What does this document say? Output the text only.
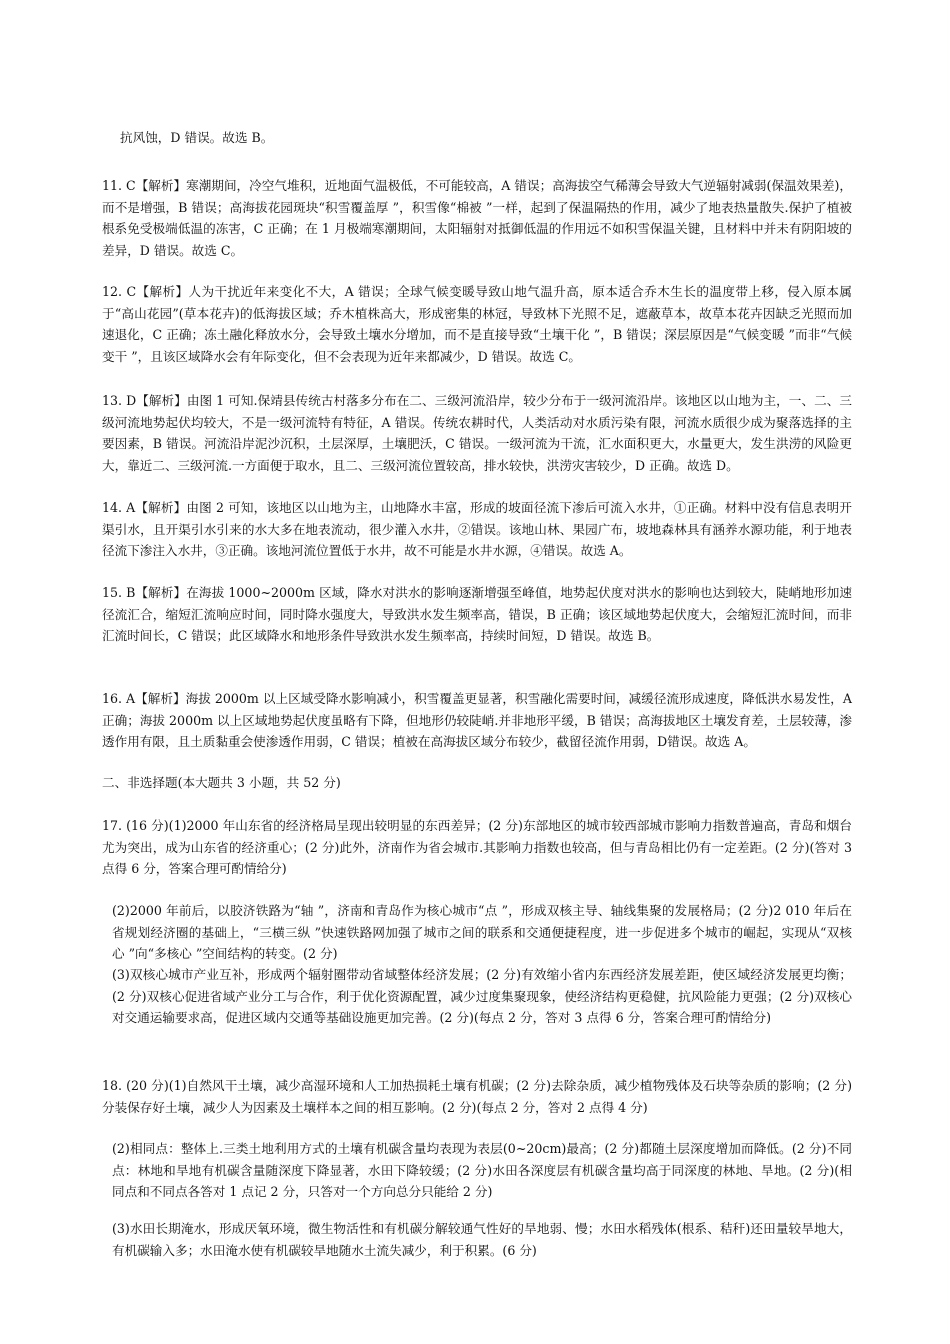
抗风蚀，D 错误。故选 B。

11. C【解析】寒潮期间，冷空气堆积，近地面气温极低，不可能较高，A 错误；高海拔空气稀薄会导致大气逆辐射减弱(保温效果差)，而不是增强，B 错误；高海拔花园斑块“积雪覆盖厚 ”，积雪像“棉被 ”一样，起到了保温隔热的作用，减少了地表热量散失.保护了植被根系免受极端低温的冻害，C 正确；在 1 月极端寒潮期间，太阳辐射对抵御低温的作用远不如积雪保温关键，且材料中并未有阴阳坡的差异，D 错误。故选 C。

12. C【解析】人为干扰近年来变化不大，A 错误；全球气候变暖导致山地气温升高，原本适合乔木生长的温度带上移，侵入原本属于“高山花园”(草本花卉)的低海拔区域；乔木植株高大，形成密集的林冠，导致林下光照不足，遮蔽草本，故草本花卉因缺乏光照而加速退化，C 正确；冻土融化释放水分，会导致土壤水分增加，而不是直接导致“土壤干化 ”，B 错误；深层原因是“气候变暖 ”而非“气候变干 ”，且该区域降水会有年际变化，但不会表现为近年来都减少，D 错误。故选 C。

13. D【解析】由图 1 可知.保靖县传统古村落多分布在二、三级河流沿岸，较少分布于一级河流沿岸。该地区以山地为主，一、二、三级河流地势起伏均较大，不是一级河流特有特征，A 错误。传统农耕时代，人类活动对水质污染有限，河流水质很少成为聚落选择的主要因素，B 错误。河流沿岸泥沙沉积，土层深厚，土壤肥沃，C 错误。一级河流为干流，汇水面积更大，水量更大，发生洪涝的风险更大，靠近二、三级河流.一方面便于取水，且二、三级河流位置较高，排水较快，洪涝灾害较少，D 正确。故选 D。

14. A【解析】由图 2 可知，该地区以山地为主，山地降水丰富，形成的坡面径流下渗后可流入水井，①正确。材料中没有信息表明开渠引水，且开渠引水引来的水大多在地表流动，很少灌入水井，②错误。该地山林、果园广布，坡地森林具有涵养水源功能，利于地表径流下渗注入水井，③正确。该地河流位置低于水井，故不可能是水井水源，④错误。故选 A。

15. B【解析】在海拔 1000~2000m 区域，降水对洪水的影响逐渐增强至峰值，地势起伏度对洪水的影响也达到较大，陡峭地形加速径流汇合，缩短汇流响应时间，同时降水强度大，导致洪水发生频率高，错误，B 正确；该区域地势起伏度大，会缩短汇流时间，而非汇流时间长，C 错误；此区域降水和地形条件导致洪水发生频率高，持续时间短，D 错误。故选 B。

16. A【解析】海拔 2000m 以上区域受降水影响减小，积雪覆盖更显著，积雪融化需要时间，减缓径流形成速度，降低洪水易发性，A 正确；海拔 2000m 以上区域地势起伏度虽略有下降，但地形仍较陡峭.并非地形平缓，B 错误；高海拔地区土壤发育差，土层较薄，渗透作用有限，且土质黏重会使渗透作用弱，C 错误；植被在高海拔区域分布较少，截留径流作用弱，D错误。故选 A。

二、非选择题(本大题共 3 小题，共 52 分)

17. (16 分)(1)2000 年山东省的经济格局呈现出较明显的东西差异；(2 分)东部地区的城市较西部城市影响力指数普遍高，青岛和烟台尤为突出，成为山东省的经济重心；(2 分)此外，济南作为省会城市.其影响力指数也较高，但与青岛相比仍有一定差距。(2 分)(答对 3 点得 6 分，答案合理可酌情给分)

(2)2000 年前后，以胶济铁路为“轴 ”，济南和青岛作为核心城市“点 ”，形成双核主导、轴线集聚的发展格局；(2 分)2 010 年后在省规划经济圈的基础上，“三横三纵 ”快速铁路网加强了城市之间的联系和交通便捷程度，进一步促进多个城市的崛起，实现从“双核心 ”向“多核心 ”空间结构的转变。(2 分)

(3)双核心城市产业互补，形成两个辐射圈带动省域整体经济发展；(2 分)有效缩小省内东西经济发展差距，使区域经济发展更均衡；(2 分)双核心促进省域产业分工与合作，利于优化资源配置，减少过度集聚现象，使经济结构更稳健，抗风险能力更强；(2 分)双核心对交通运输要求高，促进区域内交通等基础设施更加完善。(2 分)(每点 2 分，答对 3 点得 6 分，答案合理可酌情给分)

18. (20 分)(1)自然风干土壤，减少高湿环境和人工加热损耗土壤有机碳；(2 分)去除杂质，减少植物残体及石块等杂质的影响；(2 分)分装保存好土壤，减少人为因素及土壤样本之间的相互影响。(2 分)(每点 2 分，答对 2 点得 4 分)

(2)相同点：整体上.三类土地利用方式的土壤有机碳含量均表现为表层(0~20cm)最高；(2 分)都随土层深度增加而降低。(2 分)不同点：林地和旱地有机碳含量随深度下降显著，水田下降较缓；(2 分)水田各深度层有机碳含量均高于同深度的林地、旱地。(2 分)(相同点和不同点各答对 1 点记 2 分，只答对一个方向总分只能给 2 分)

(3)水田长期淹水，形成厌氧环境，微生物活性和有机碳分解较通气性好的旱地弱、慢；水田水稻残体(根系、秸秆)还田量较旱地大，有机碳输入多；水田淹水使有机碳较旱地随水土流失减少，利于积累。(6 分)
